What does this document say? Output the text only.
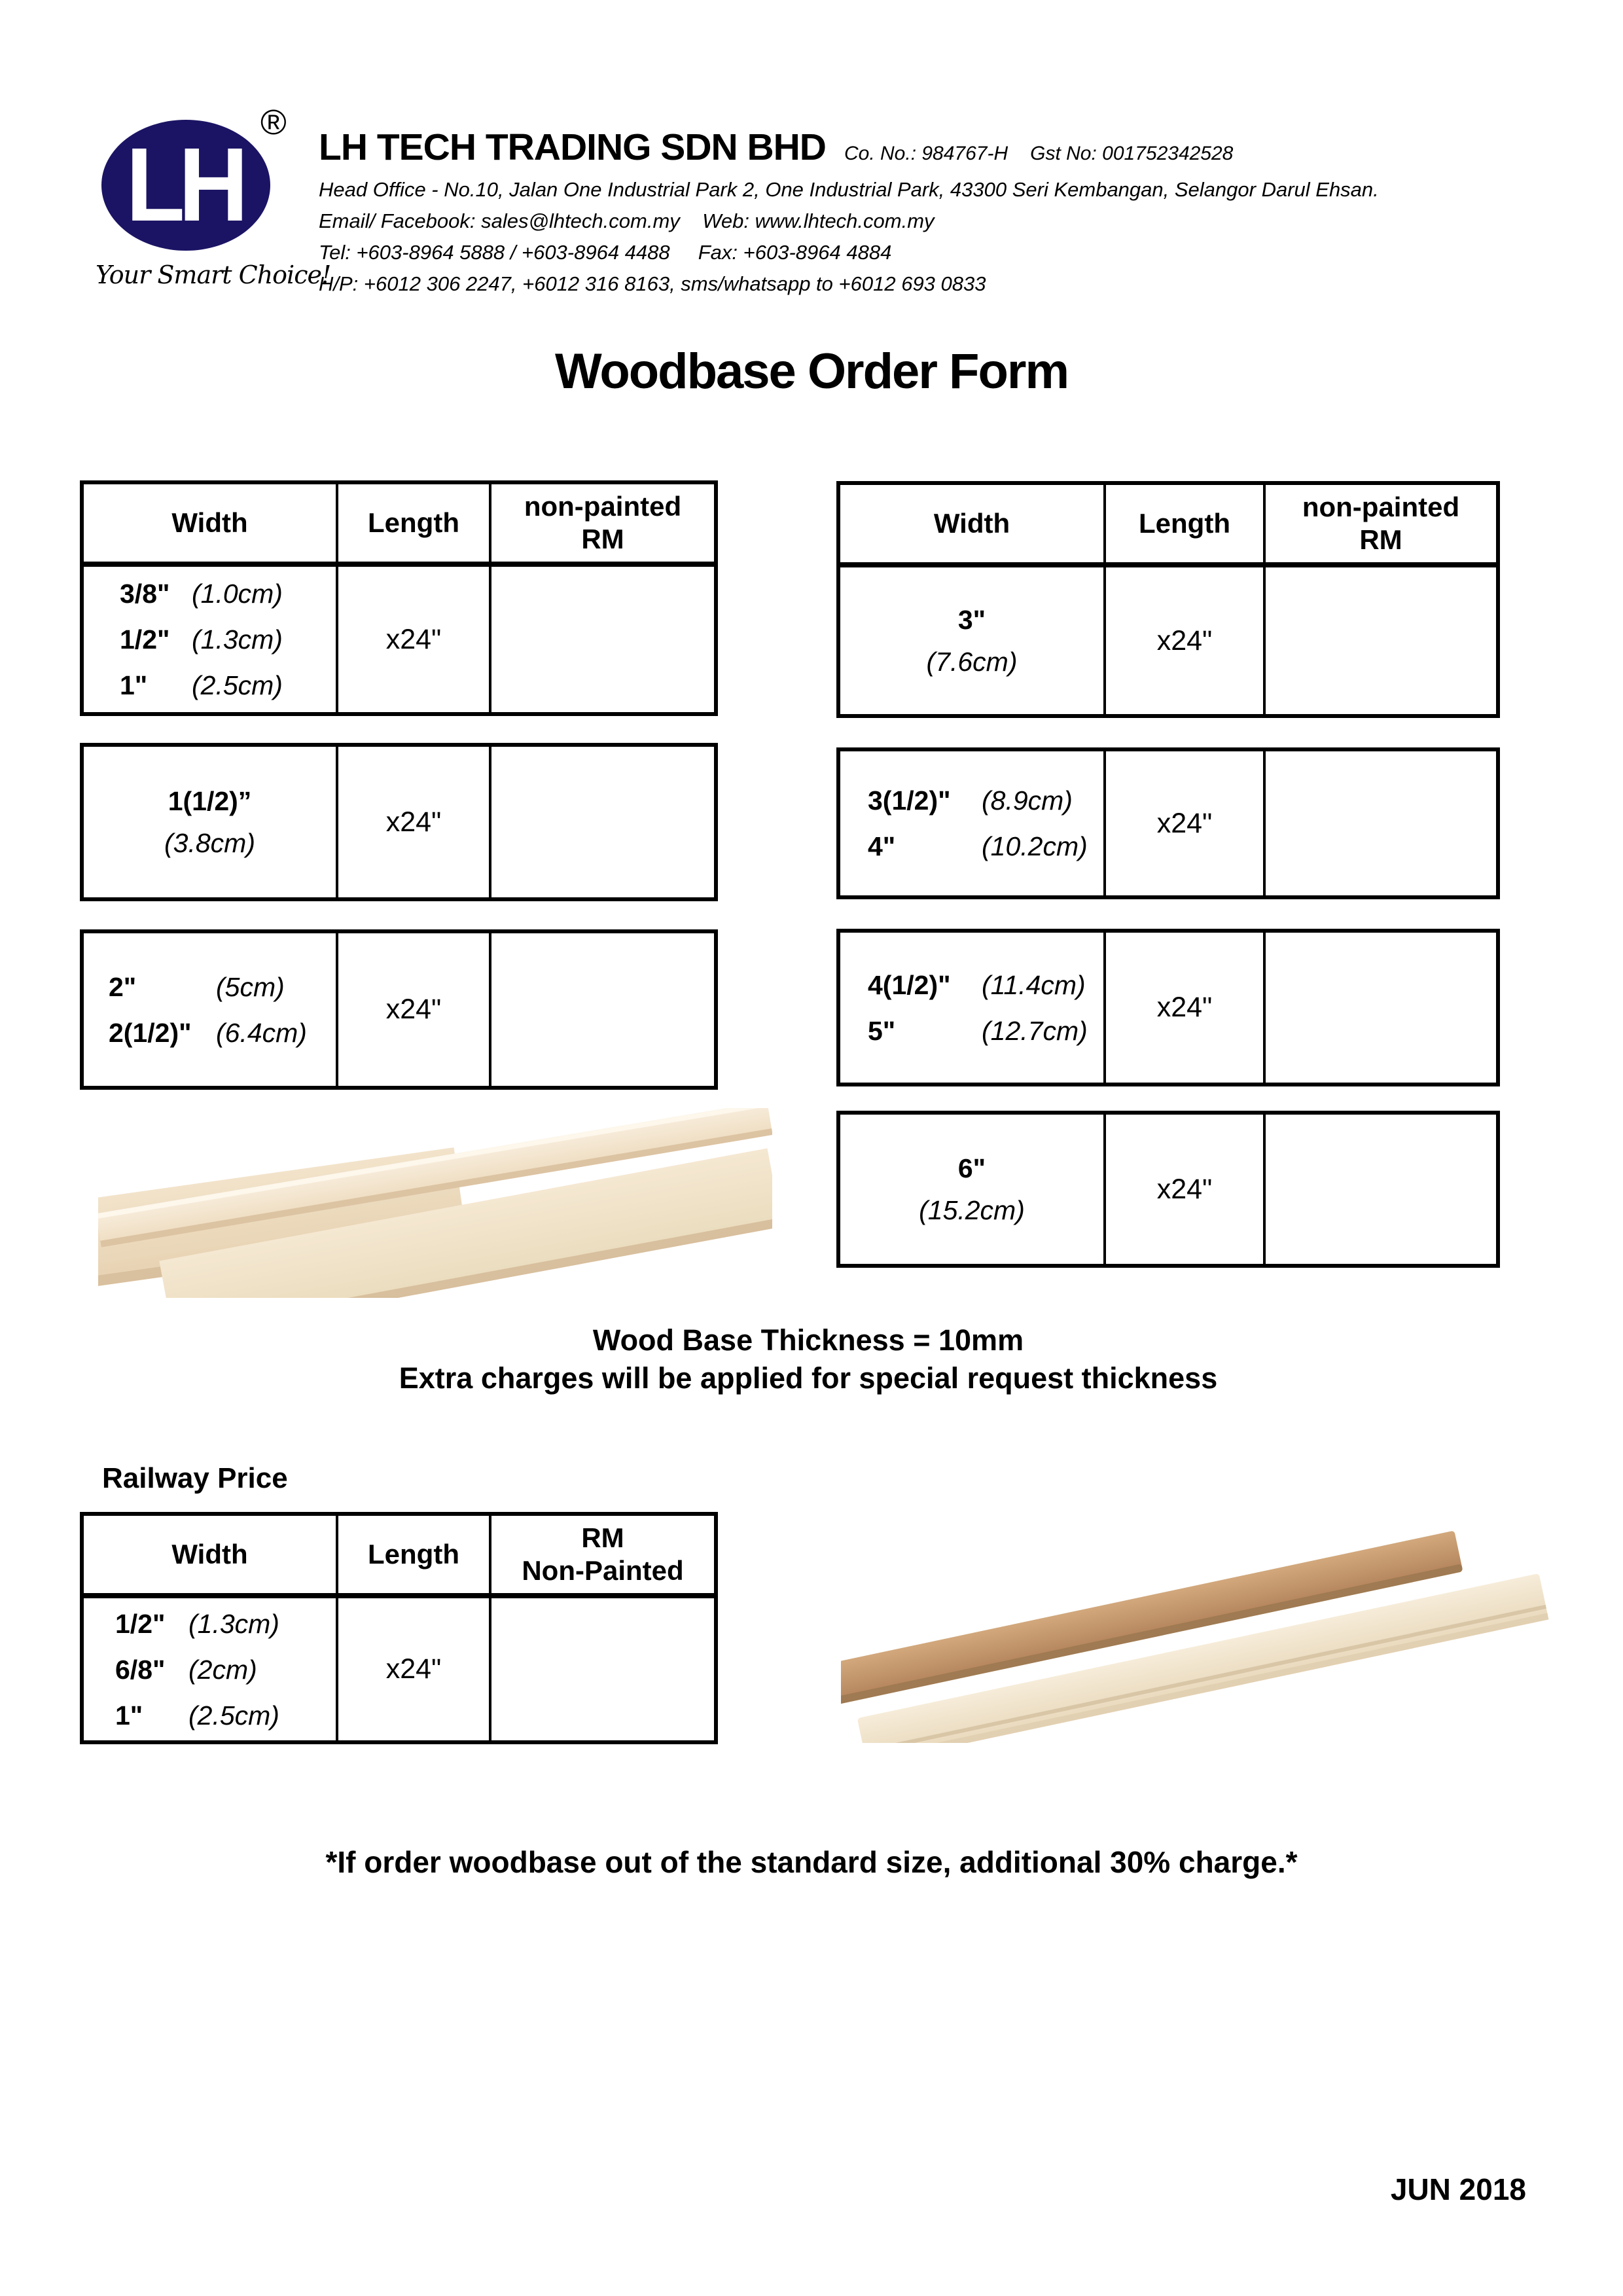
LH
®
Your Smart Choice!
LH TECH TRADING SDN BHD Co. No.: 984767-H Gst No: 001752342528
Head Office - No.10, Jalan One Industrial Park 2, One Industrial Park, 43300 Seri Kembangan, Selangor Darul Ehsan.
Email/ Facebook: sales@lhtech.com.my    Web: www.lhtech.com.my
Tel: +603-8964 5888 / +603-8964 4488     Fax: +603-8964 4884
H/P: +6012 306 2247, +6012 316 8163, sms/whatsapp to +6012 693 0833
Woodbase Order Form
Width	Length
non-painted
RM
3/8" (1.0cm)
1/2" (1.3cm)
1"	(2.5cm)
x24"
1(1/2)”
(3.8cm)
x24"
2"	(5cm)
2(1/2)" (6.4cm)
x24"
Width	Length
non-painted
RM
3"
(7.6cm)
x24"
3(1/2)"	(8.9cm)
4"	(10.2cm)
x24"
4(1/2)"	(11.4cm)
5"	(12.7cm)
x24"
6"
(15.2cm)
x24"
Wood Base Thickness = 10mm
Extra charges will be applied for special request thickness
Railway Price
Width	Length
RM
Non-Painted
1/2" (1.3cm)
6/8" (2cm)
1"	(2.5cm)
x24"
*If order woodbase out of the standard size, additional 30% charge.*
JUN 2018
